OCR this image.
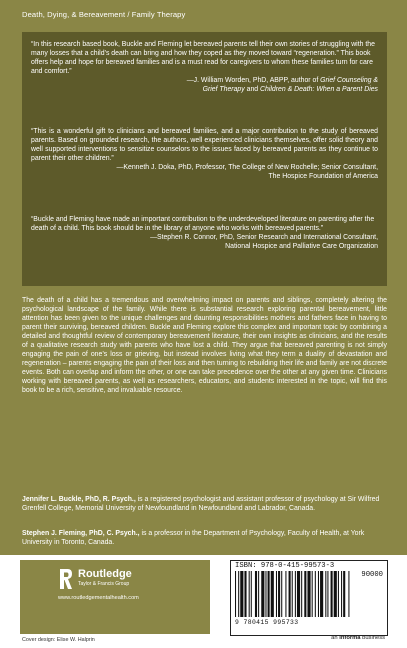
Death, Dying, & Bereavement / Family Therapy

“In this research based book, Buckle and Fleming let bereaved parents tell their own stories of struggling with the many losses that a child’s death can bring and how they coped as they moved toward “regeneration.” This book offers help and hope for bereaved families and is a must read for caregivers to whom these families turn for care and comfort.”

—J. William Worden, PhD, ABPP, author of Grief Counseling &
Grief Therapy and Children & Death: When a Parent Dies

“This is a wonderful gift to clinicians and bereaved families, and a major contribution to the study of bereaved parents. Based on grounded research, the authors, well experienced clinicians themselves, offer solid theory and well supported interventions to sensitize counselors to the issues faced by bereaved parents as they continue to parent their other children.”

—Kenneth J. Doka, PhD, Professor, The College of New Rochelle; Senior Consultant,
The Hospice Foundation of America

“Buckle and Fleming have made an important contribution to the underdeveloped literature on parenting after the death of a child. This book should be in the library of anyone who works with bereaved parents.”

—Stephen R. Connor, PhD, Senior Research and International Consultant,
National Hospice and Palliative Care Organization

The death of a child has a tremendous and overwhelming impact on parents and siblings, completely altering the psychological landscape of the family. While there is substantial research exploring parental bereavement, little attention has been given to the unique challenges and daunting responsibilities mothers and fathers face in having to parent their surviving, bereaved children. Buckle and Fleming explore this complex and important topic by combining a detailed and thoughtful review of contemporary bereavement literature, their own insights as clinicians, and the results of a qualitative research study with parents who have lost a child. They argue that bereaved parenting is not simply engaging the pain of one’s loss or grieving, but instead involves living what they term a duality of devastation and regeneration – parents engaging the pain of their loss and then turning to rebuilding their life and family are not discrete events. Both can overlap and inform the other, or one can take precedence over the other at any given time. Clinicians working with bereaved parents, as well as researchers, educators, and students interested in the topic, will find this book to be a rich, sensitive, and invaluable resource.

Jennifer L. Buckle, PhD, R. Psych., is a registered psychologist and assistant professor of psychology at Sir Wilfred Grenfell College, Memorial University of Newfoundland in Newfoundland and Labrador, Canada.

Stephen J. Fleming, PhD, C. Psych., is a professor in the Department of Psychology, Faculty of Health, at York University in Toronto, Canada.

Routledge
Taylor & Francis Group
www.routledgementalhealth.com
Cover design: Elise W. Halprin
ISBN: 978-0-415-99573-3
90000
9 780415 995733
an informa business
